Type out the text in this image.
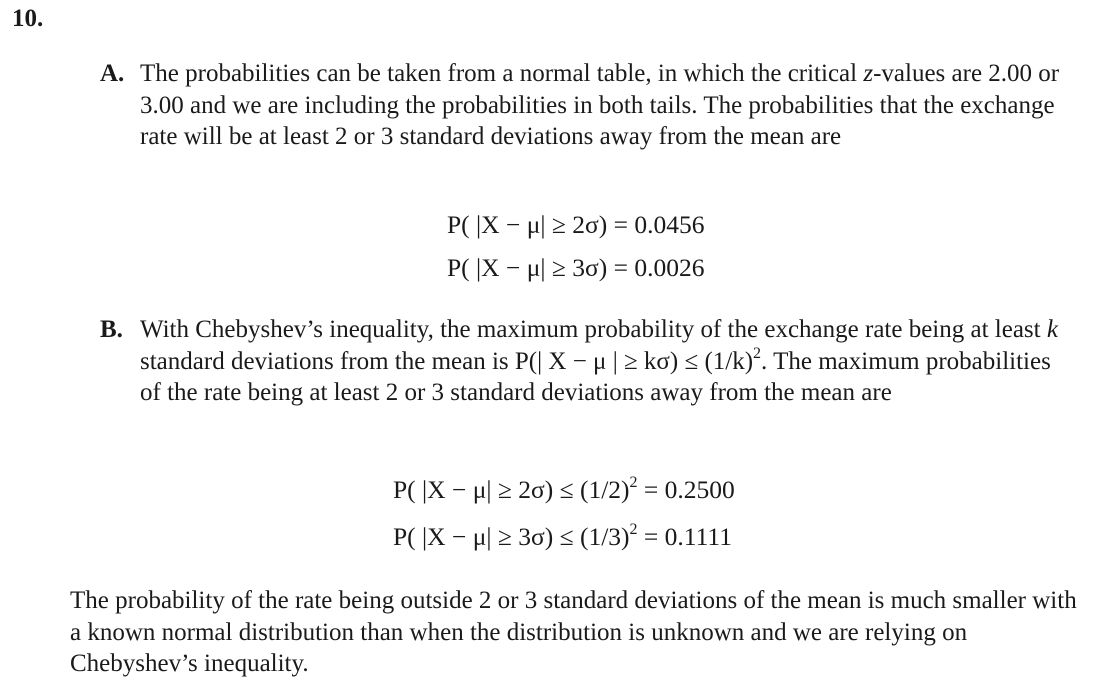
10.
A. The probabilities can be taken from a normal table, in which the critical z-values are 2.00 or 3.00 and we are including the probabilities in both tails. The probabilities that the exchange rate will be at least 2 or 3 standard deviations away from the mean are
P( |X − μ| ≥ 2σ) = 0.0456
P( |X − μ| ≥ 3σ) = 0.0026
B. With Chebyshev’s inequality, the maximum probability of the exchange rate being at least k standard deviations from the mean is P(| X − μ | ≥ $k\sigma) \le (1/k)^2$. The maximum probabilities of the rate being at least 2 or 3 standard deviations away from the mean are
P( $|X - \mu| \ge 2\sigma) \le (1/2)^2 = 0.2500$
P( $|X - \mu| \ge 3\sigma) \le (1/3)^2 = 0.1111$
The probability of the rate being outside 2 or 3 standard deviations of the mean is much smaller with a known normal distribution than when the distribution is unknown and we are relying on Chebyshev’s inequality.
